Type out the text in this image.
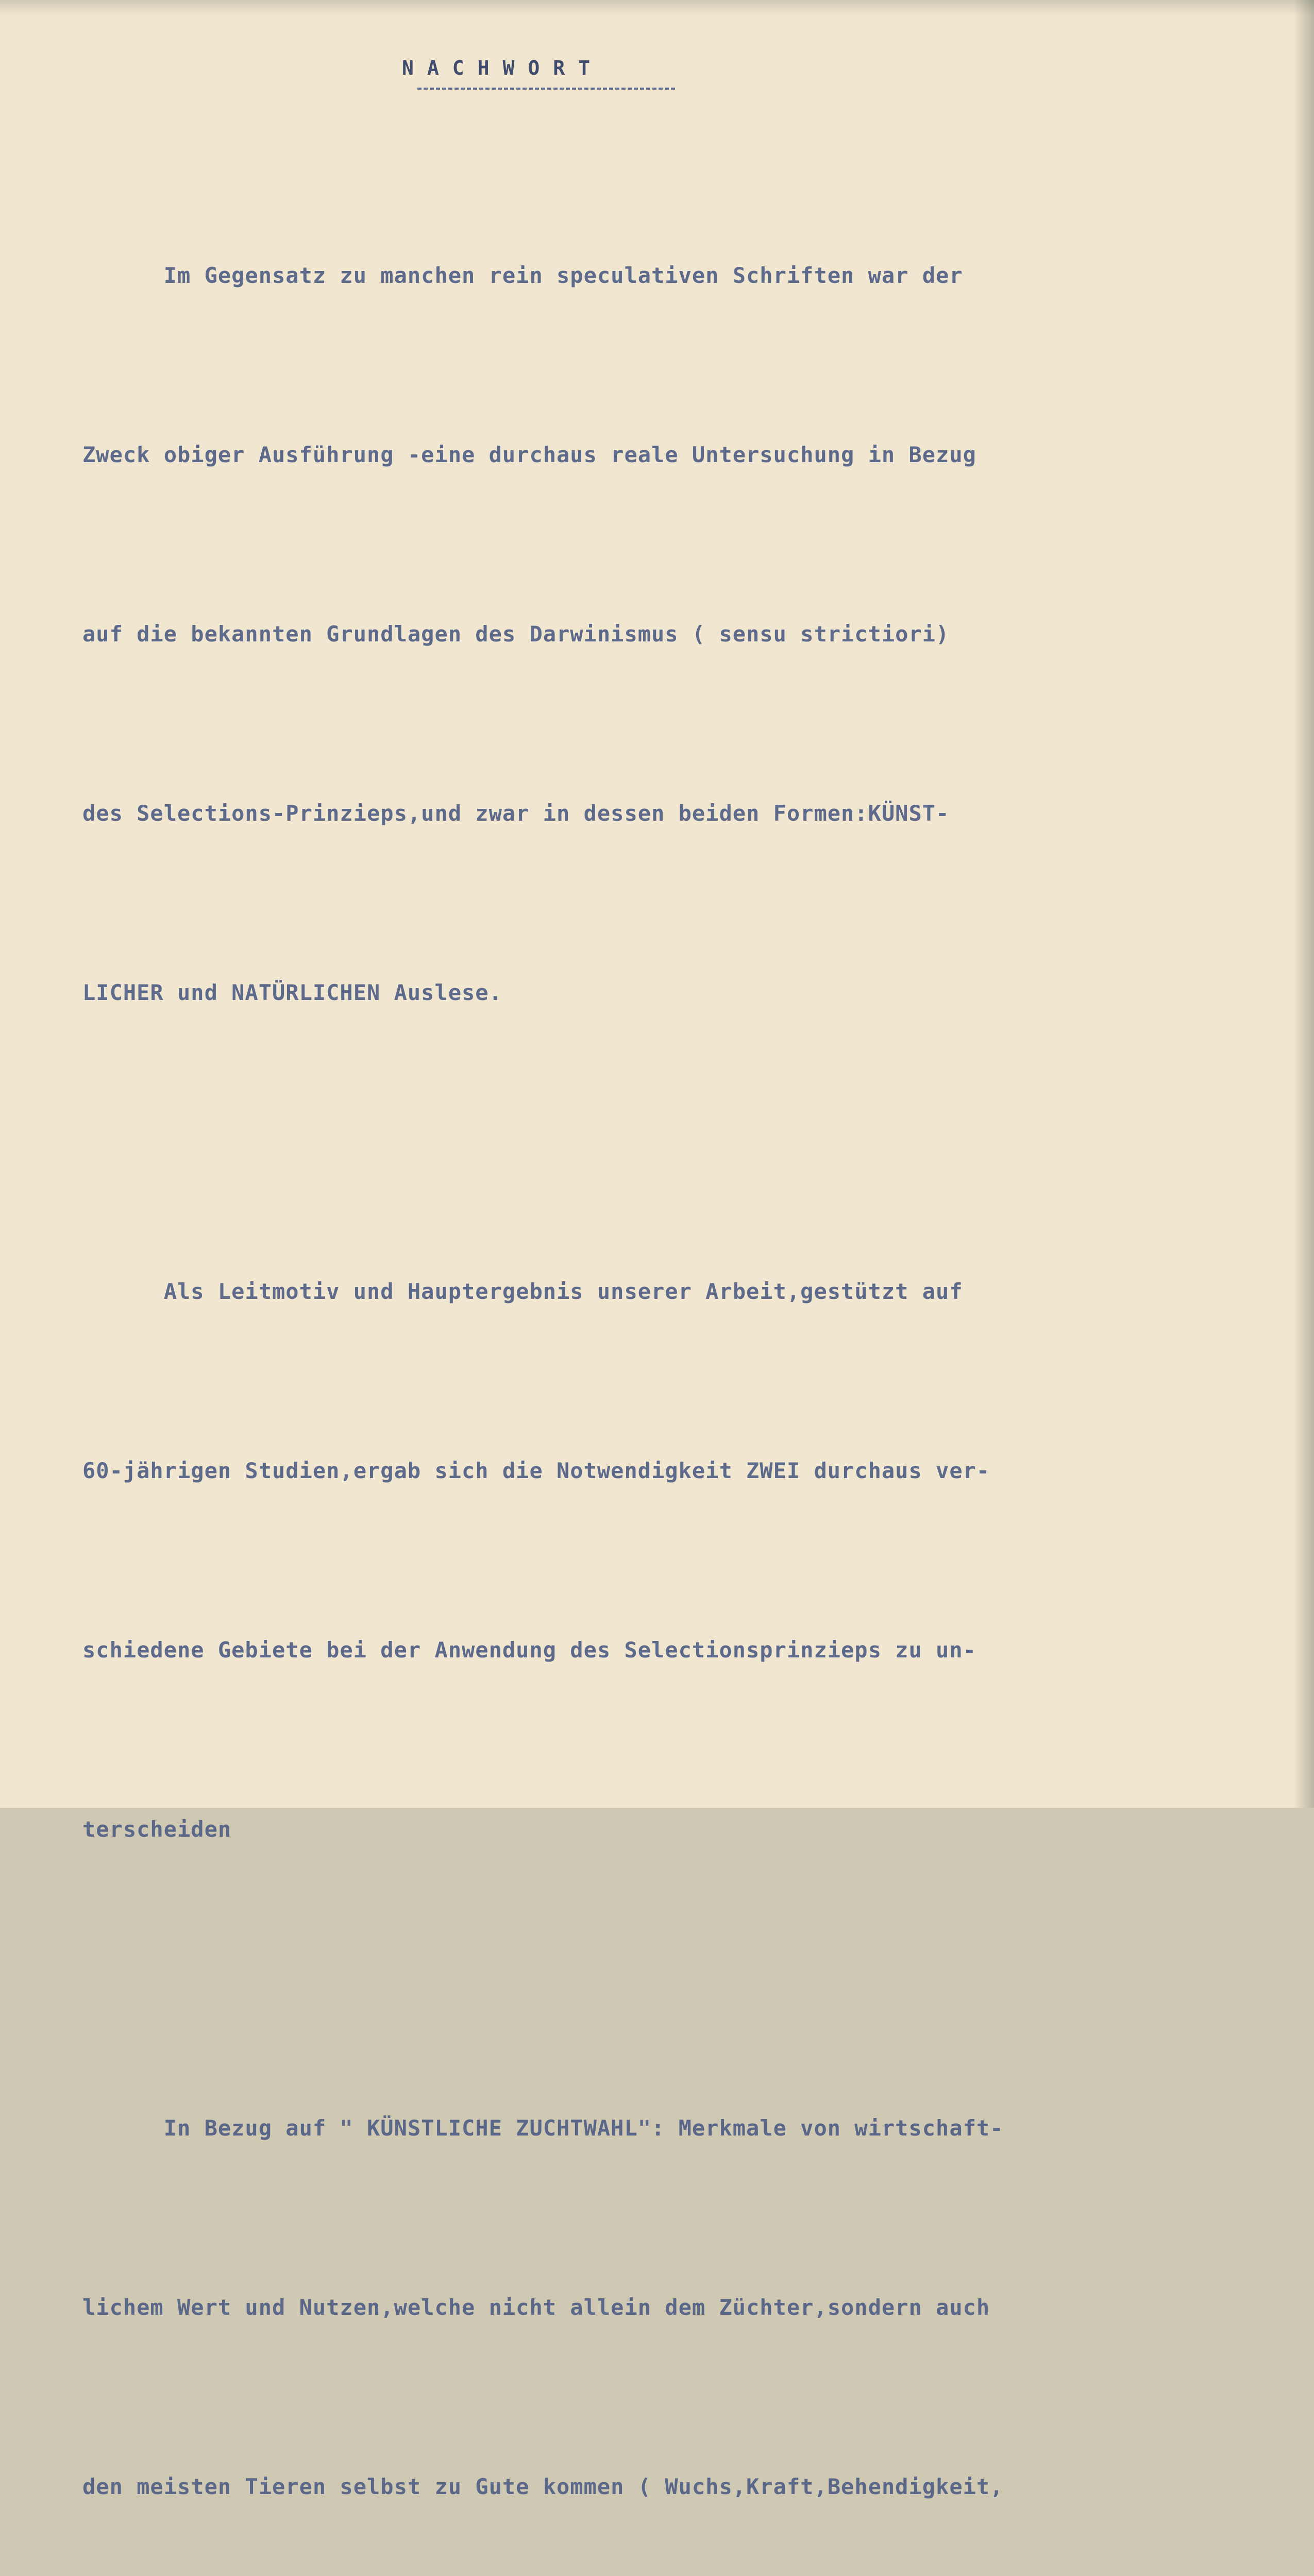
NACHWORT

Im Gegensatz zu manchen rein speculativen Schriften war der

Zweck obiger Ausführung -eine durchaus reale Untersuchung in Bezug

auf die bekannten Grundlagen des Darwinismus ( sensu strictiori)

des Selections-Prinzieps,und zwar in dessen beiden Formen:KÜNST-

LICHER und NATÜRLICHEN Auslese.

Als Leitmotiv und Hauptergebnis unserer Arbeit,gestützt auf

60-jährigen Studien,ergab sich die Notwendigkeit ZWEI durchaus ver-

schiedene Gebiete bei der Anwendung des Selectionsprinzieps zu un-

terscheiden

In Bezug auf " KÜNSTLICHE ZUCHTWAHL": Merkmale von wirtschaft-

lichem Wert und Nutzen,welche nicht allein dem Züchter,sondern auch

den meisten Tieren selbst zu Gute kommen ( Wuchs,Kraft,Behendigkeit,
